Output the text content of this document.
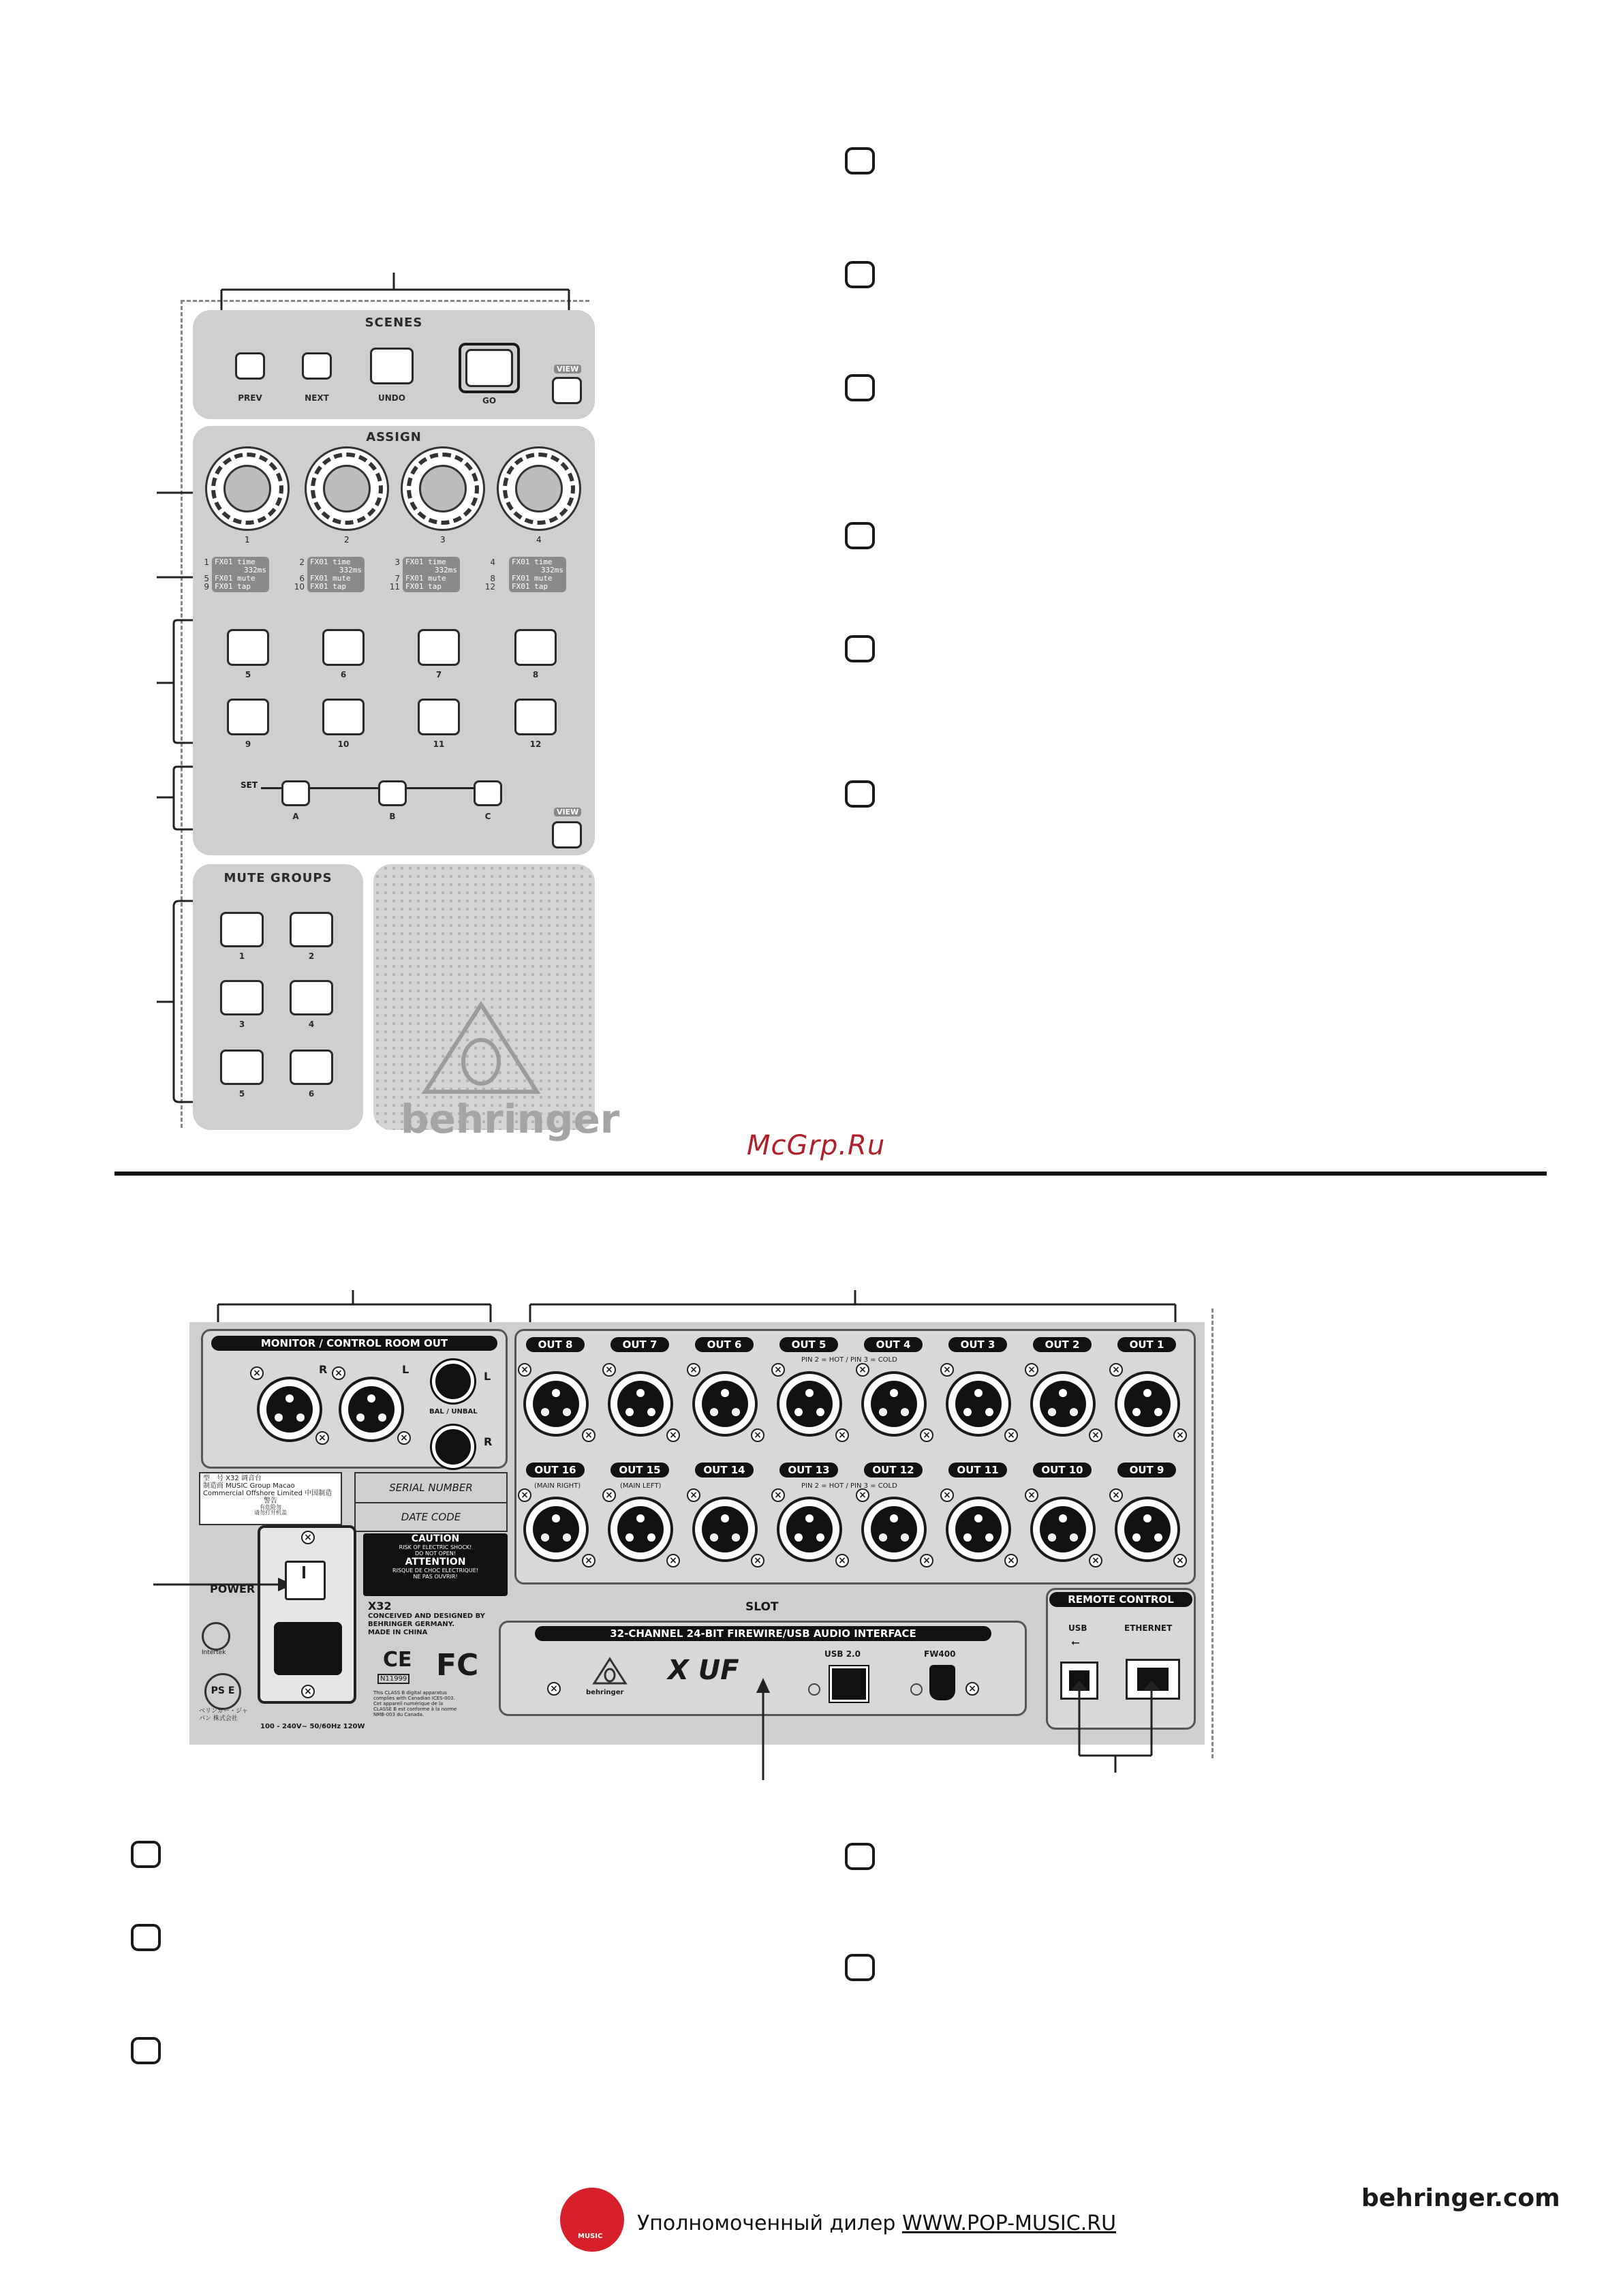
SCENES
PREV	NEXT	UNDO	GO
VIEW
ASSIGN
1	2	3	4
1
5
9
FX01 time
332ms
FX01 mute
FX01 tap
2
6
10
FX01 time
332ms
FX01 mute
FX01 tap
3
7
11
FX01 time
332ms
FX01 mute
FX01 tap
4
8
12
FX01 time
332ms
FX01 mute
FX01 tap
5	6	7	8
9	10	11	12
SET
A	B	C	VIEW
MUTE GROUPS
1	2
3	4
5	6
behringer
McGrp.Ru
MONITOR / CONTROL ROOM OUT
R	L
×
×
×
×
L
R
BAL / UNBAL
OUT 8
×
×
OUT 7
×
×
OUT 6
×
×
OUT 5
×
×
OUT 4
×
×
OUT 3
×
×
OUT 2
×
×
OUT 1
×
×
OUT 16
×
×
OUT 15
×
×
OUT 14
×
×
OUT 13
×
×
OUT 12
×
×
OUT 11
×
×
OUT 10
×
×
OUT 9
×
×
PIN 2 = HOT / PIN 3 = COLD
PIN 2 = HOT / PIN 3 = COLD
(MAIN RIGHT)	(MAIN LEFT)
型　号 X32 调音台
制造商 MUSIC Group Macao
Commercial Offshore Limited 中国制造
警告
有危险勿
请勿打开机盖
SERIAL NUMBER
DATE CODE
POWER
×
×
100 - 240V~ 50/60Hz 120W
Intertek
PS E
ベリンガー・ジャパン 株式会社
CAUTION
RISK OF ELECTRIC SHOCK!
DO NOT OPEN!
ATTENTION
RISQUE DE CHOC ELECTRIQUE!
NE PAS OUVRIR!
X32
CONCEIVED AND DESIGNED BY
BEHRINGER GERMANY.
MADE IN CHINA
CE
N11999 FC
This CLASS B digital apparatus complies with Canadian ICES-003. Cet appareil numérique de la CLASSE B est conforme à la norme NMB-003 du Canada.
SLOT
32-CHANNEL 24-BIT FIREWIRE/USB AUDIO INTERFACE
×	×
behringer
X UF
USB 2.0	FW400
REMOTE CONTROL
USB
⭠
ETHERNET
MUSIC
Уполномоченный дилер WWW.POP-MUSIC.RU
behringer.com
